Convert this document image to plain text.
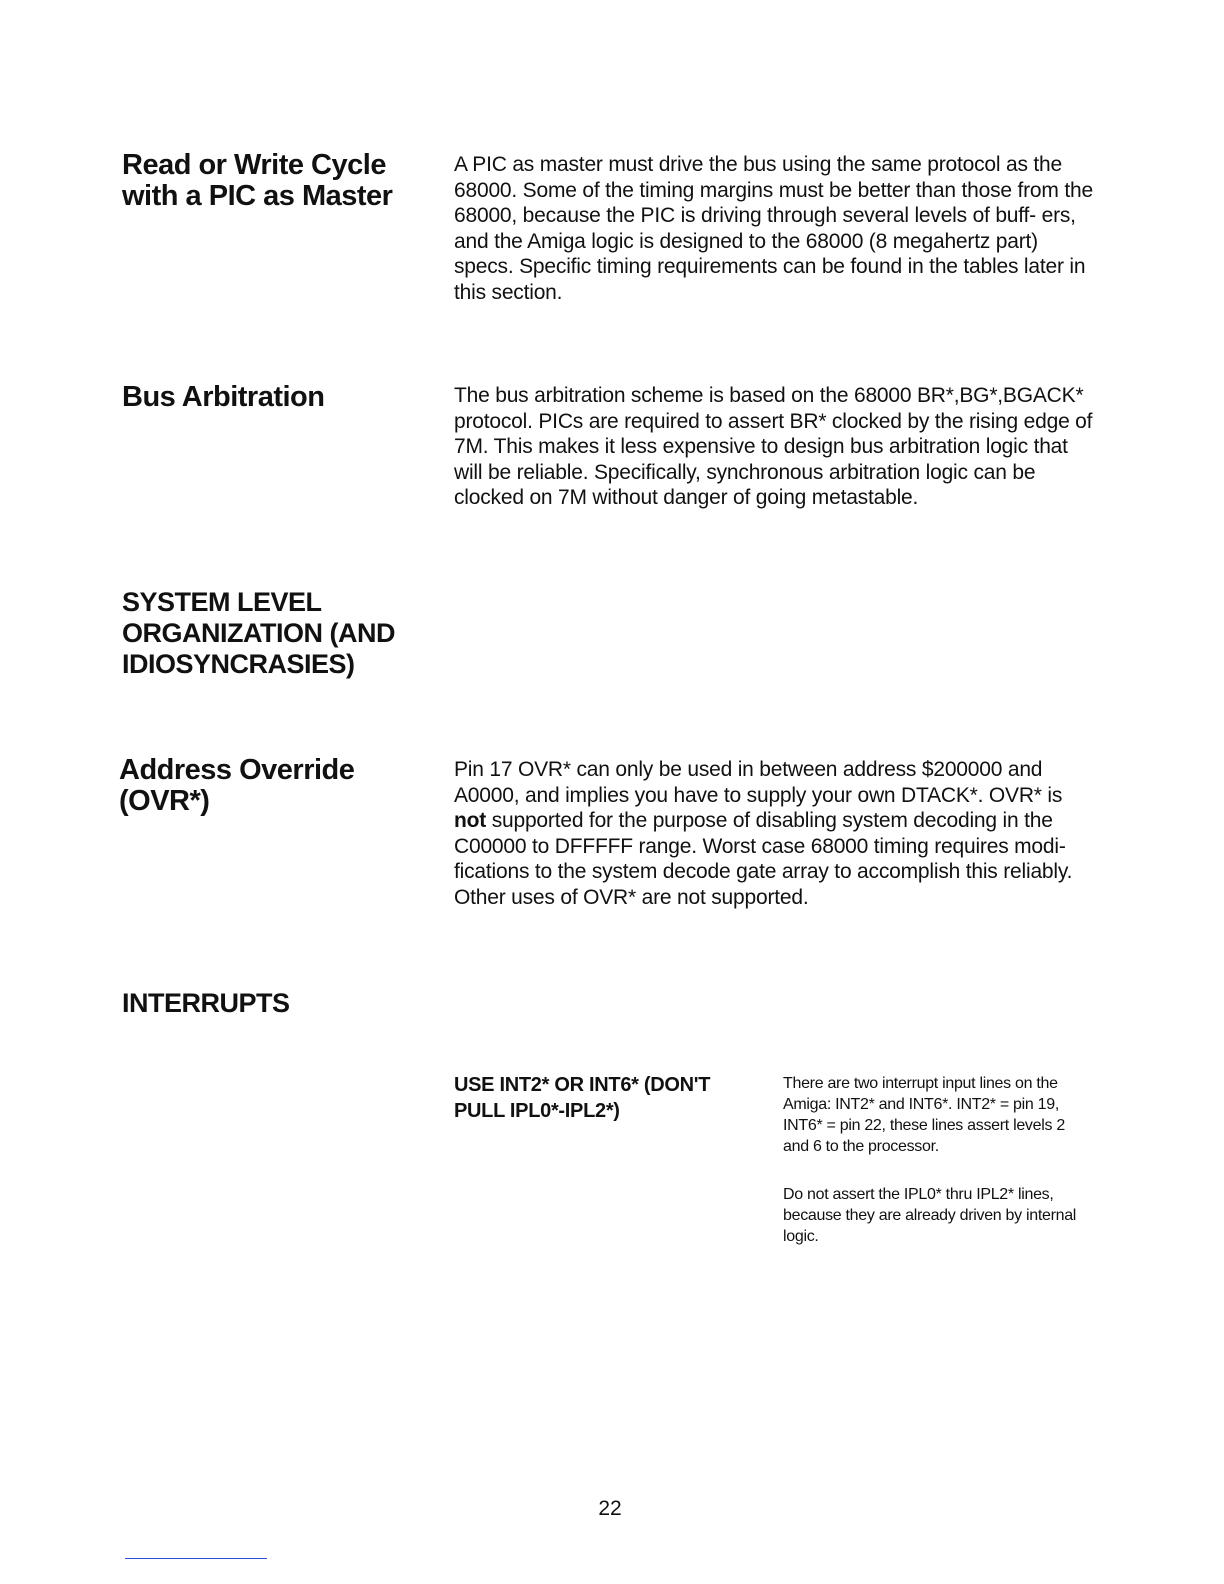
Read or Write Cycle
with a PIC as Master
A PIC as master must drive the bus using the same protocol as the 68000. Some of the timing margins must be better than those from the 68000, because the PIC is driving through several levels of buff- ers, and the Amiga logic is designed to the 68000 (8 megahertz part) specs. Specific timing requirements can be found in the tables later in this section.
Bus Arbitration	The bus arbitration scheme is based on the 68000 BR*,BG*,BGACK* protocol. PICs are required to assert BR* clocked by the rising edge of 7M. This makes it less expensive to design bus arbitration logic that will be reliable. Specifically, synchronous arbitration logic can be clocked on 7M without danger of going metastable.
SYSTEM LEVEL
ORGANIZATION (AND
IDIOSYNCRASIES)
Address Override (OVR*)
Pin 17 OVR* can only be used in between address $200000 and A0000, and implies you have to supply your own DTACK*. OVR* is not supported for the purpose of disabling system decoding in the C00000 to DFFFFF range. Worst case 68000 timing requires modi- fications to the system decode gate array to accomplish this reliably. Other uses of OVR* are not supported.
INTERRUPTS
USE INT2* OR INT6* (DON'T
PULL IPL0*-IPL2*)
There are two interrupt input lines on the Amiga: INT2* and INT6*. INT2* = pin 19, INT6* = pin 22, these lines assert levels 2 and 6 to the processor.
Do not assert the IPL0* thru IPL2* lines, because they are already driven by internal logic.
22
